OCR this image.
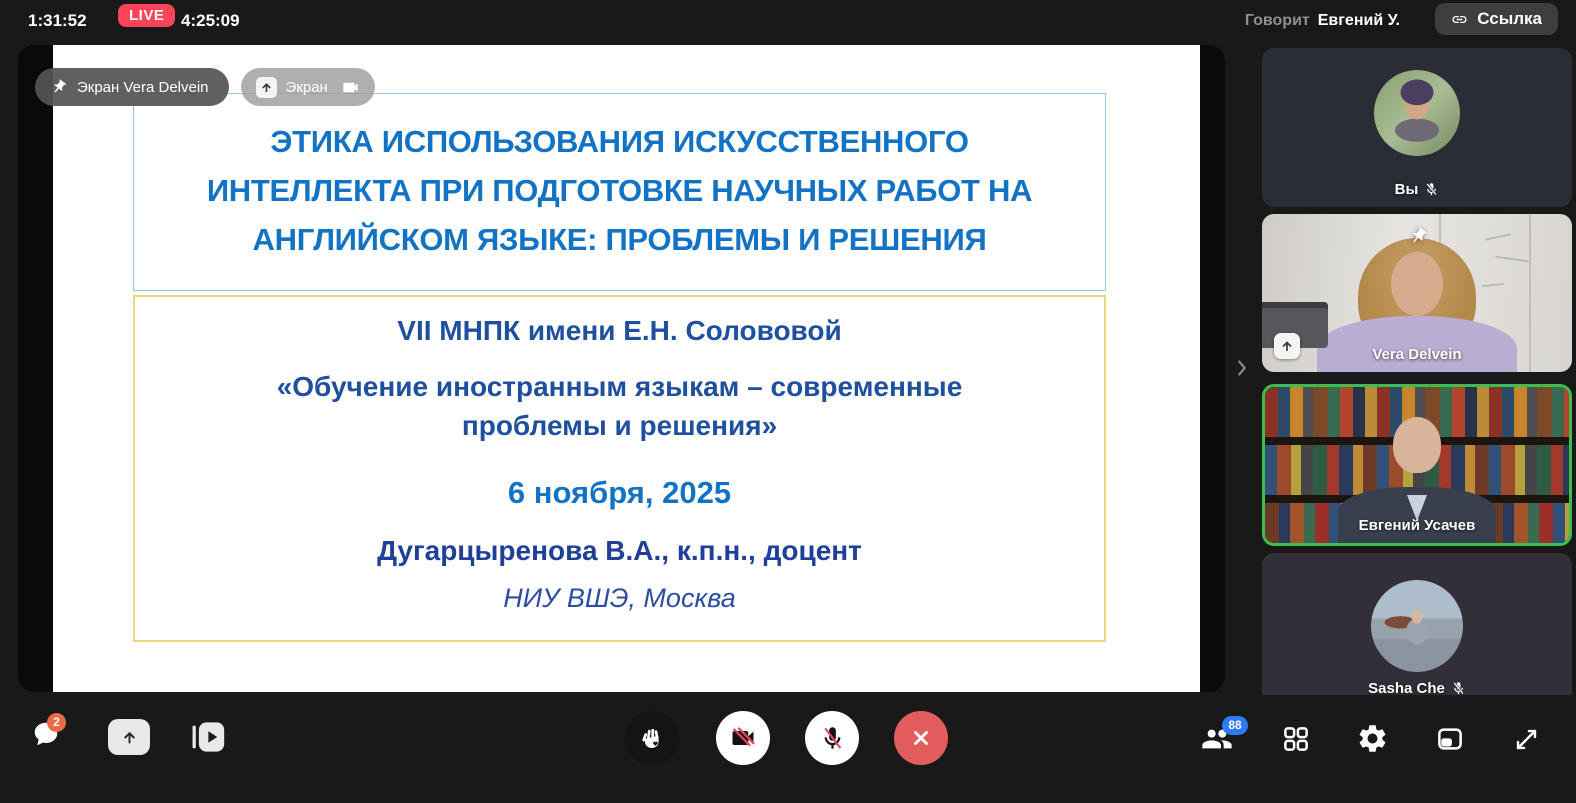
1:31:52	LIVE 4:25:09	Говорит Евгений У.	Ссылка
ЭТИКА ИСПОЛЬЗОВАНИЯ ИСКУССТВЕННОГО
ИНТЕЛЛЕКТА ПРИ ПОДГОТОВКЕ НАУЧНЫХ РАБОТ НА
АНГЛИЙСКОМ ЯЗЫКЕ: ПРОБЛЕМЫ И РЕШЕНИЯ
VII МНПК имени Е.Н. Солововой
«Обучение иностранным языкам – современные
проблемы и решения»
6 ноября, 2025
Дугарцыренова В.А., к.п.н., доцент
НИУ ВШЭ, Москва
Экран Vera Delvein	Экран
Вы
Vera Delvein
Евгений Усачев
Sasha Che
2	88
